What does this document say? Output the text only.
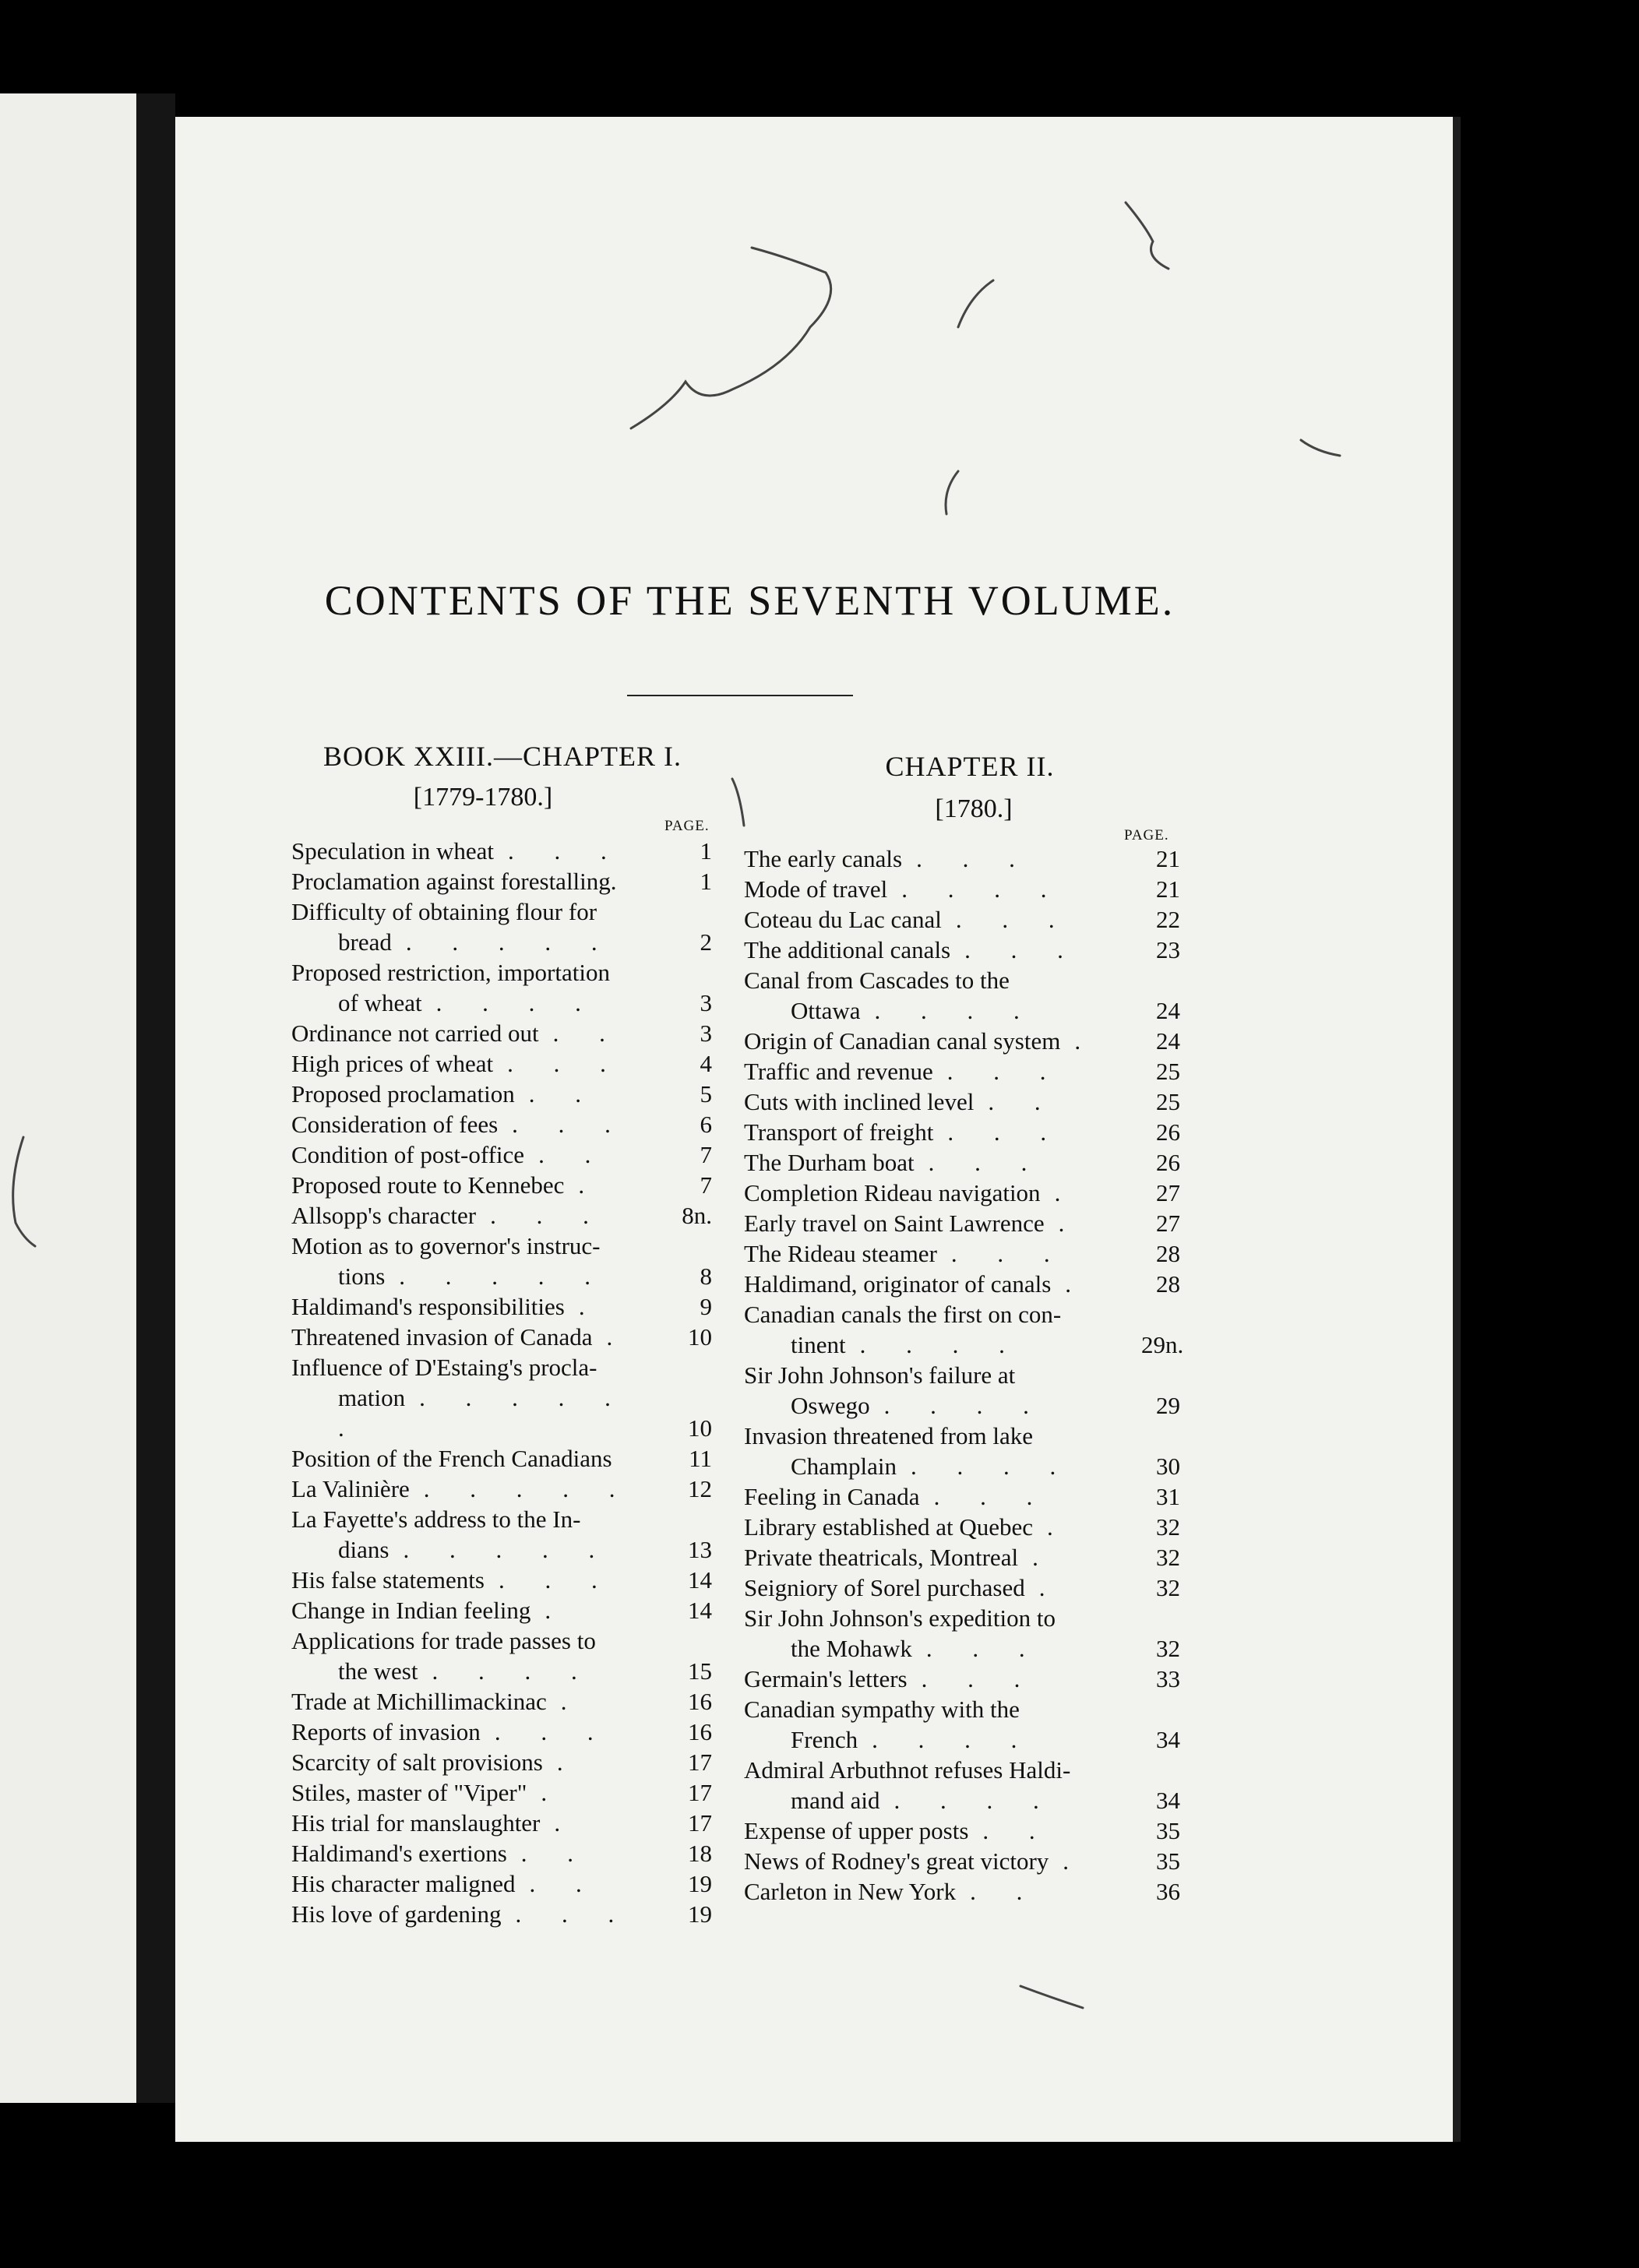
CONTENTS OF THE SEVENTH VOLUME.
BOOK XXIII.—CHAPTER I.
[1779-1780.]
PAGE.
Speculation in wheat . . .	1
Proclamation against forestalling.	1
Difficulty of obtaining flour for
bread . . . . .	2
Proposed restriction, importation
of wheat . . . .	3
Ordinance not carried out . .	3
High prices of wheat . . .	4
Proposed proclamation . .	5
Consideration of fees . . .	6
Condition of post-office . .	7
Proposed route to Kennebec .	7
Allsopp's character . . .	8n.
Motion as to governor's instruc-
tions . . . . .	8
Haldimand's responsibilities .	9
Threatened invasion of Canada .	10
Influence of D'Estaing's procla-
mation . . . . . .	10
Position of the French Canadians	11
La Valinière . . . . .	12
La Fayette's address to the In-
dians . . . . .	13
His false statements . . .	14
Change in Indian feeling .	14
Applications for trade passes to
the west . . . .	15
Trade at Michillimackinac .	16
Reports of invasion . . .	16
Scarcity of salt provisions .	17
Stiles, master of "Viper" .	17
His trial for manslaughter .	17
Haldimand's exertions . .	18
His character maligned . .	19
His love of gardening . . .	19
CHAPTER II.
[1780.]
PAGE.
The early canals . . .	21
Mode of travel . . . .	21
Coteau du Lac canal . . .	22
The additional canals . . .	23
Canal from Cascades to the
Ottawa . . . .	24
Origin of Canadian canal system .	24
Traffic and revenue . . .	25
Cuts with inclined level . .	25
Transport of freight . . .	26
The Durham boat . . .	26
Completion Rideau navigation .	27
Early travel on Saint Lawrence .	27
The Rideau steamer . . .	28
Haldimand, originator of canals .	28
Canadian canals the first on con-
tinent . . . .	29n.
Sir John Johnson's failure at
Oswego . . . .	29
Invasion threatened from lake
Champlain . . . .	30
Feeling in Canada . . .	31
Library established at Quebec .	32
Private theatricals, Montreal .	32
Seigniory of Sorel purchased .	32
Sir John Johnson's expedition to
the Mohawk . . .	32
Germain's letters . . .	33
Canadian sympathy with the
French . . . .	34
Admiral Arbuthnot refuses Haldi-
mand aid . . . .	34
Expense of upper posts . .	35
News of Rodney's great victory .	35
Carleton in New York . .	36
